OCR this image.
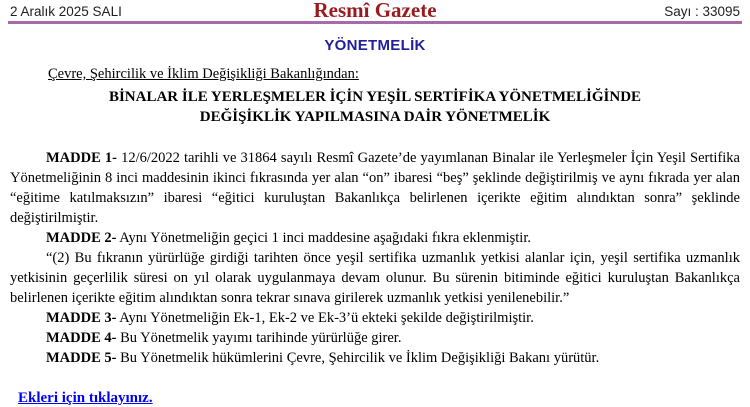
2 Aralık 2025 SALI	Resmî Gazete	Sayı : 33095
YÖNETMELİK

Çevre, Şehircilik ve İklim Değişikliği Bakanlığından:

BİNALAR İLE YERLEŞMELER İÇİN YEŞİL SERTİFİKA YÖNETMELİĞİNDE
DEĞİŞİKLİK YAPILMASINA DAİR YÖNETMELİK

MADDE 1- 12/6/2022 tarihli ve 31864 sayılı Resmî Gazete’de yayımlanan Binalar ile Yerleşmeler İçin Yeşil Sertifika Yönetmeliğinin 8 inci maddesinin ikinci fıkrasında yer alan “on” ibaresi “beş” şeklinde değiştirilmiş ve aynı fıkrada yer alan “eğitime katılmaksızın” ibaresi “eğitici kuruluştan Bakanlıkça belirlenen içerikte eğitim alındıktan sonra” şeklinde değiştirilmiştir.

MADDE 2- Aynı Yönetmeliğin geçici 1 inci maddesine aşağıdaki fıkra eklenmiştir.

“(2) Bu fıkranın yürürlüğe girdiği tarihten önce yeşil sertifika uzmanlık yetkisi alanlar için, yeşil sertifika uzmanlık yetkisinin geçerlilik süresi on yıl olarak uygulanmaya devam olunur. Bu sürenin bitiminde eğitici kuruluştan Bakanlıkça belirlenen içerikte eğitim alındıktan sonra tekrar sınava girilerek uzmanlık yetkisi yenilenebilir.”

MADDE 3- Aynı Yönetmeliğin Ek-1, Ek-2 ve Ek-3’ü ekteki şekilde değiştirilmiştir.

MADDE 4- Bu Yönetmelik yayımı tarihinde yürürlüğe girer.

MADDE 5- Bu Yönetmelik hükümlerini Çevre, Şehircilik ve İklim Değişikliği Bakanı yürütür.

Ekleri için tıklayınız.
